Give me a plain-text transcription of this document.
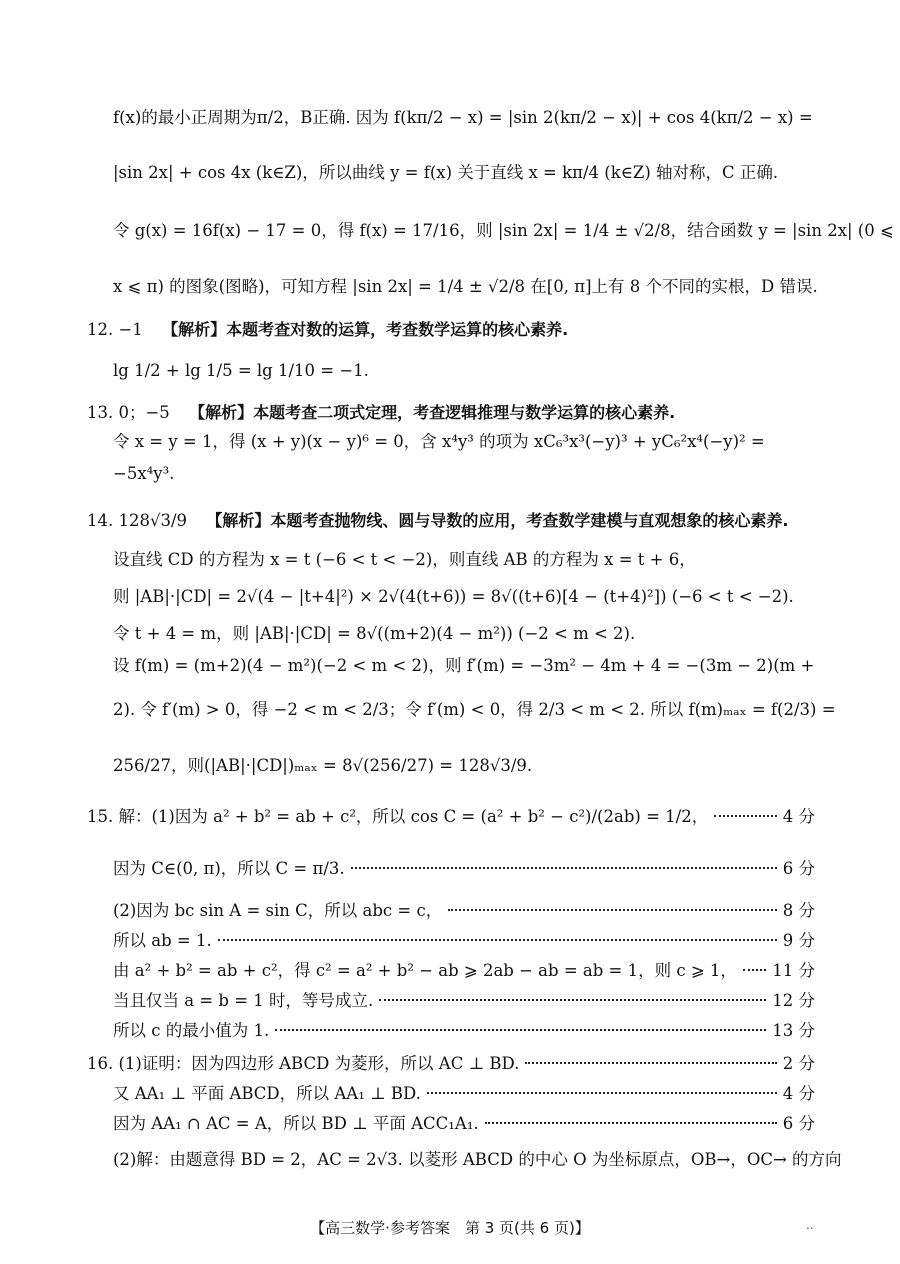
f(x)的最小正周期为π/2，B正确. 因为 f(kπ/2 − x) = |sin 2(kπ/2 − x)| + cos 4(kπ/2 − x) =
|sin 2x| + cos 4x (k∈Z)，所以曲线 y = f(x) 关于直线 x = kπ/4 (k∈Z) 轴对称，C 正确.
令 g(x) = 16f(x) − 17 = 0，得 f(x) = 17/16，则 |sin 2x| = 1/4 ± √2/8，结合函数 y = |sin 2x| (0 ⩽
x ⩽ π) 的图象(图略)，可知方程 |sin 2x| = 1/4 ± √2/8 在[0, π]上有 8 个不同的实根，D 错误.
12. −1 【解析】本题考查对数的运算，考查数学运算的核心素养.
lg 1/2 + lg 1/5 = lg 1/10 = −1.
13. 0；−5 【解析】本题考查二项式定理，考查逻辑推理与数学运算的核心素养.
令 x = y = 1，得 (x + y)(x − y)⁶ = 0，含 x⁴y³ 的项为 xC₆³x³(−y)³ + yC₆²x⁴(−y)² =
−5x⁴y³.
14. 128√3/9 【解析】本题考查抛物线、圆与导数的应用，考查数学建模与直观想象的核心素养.
设直线 CD 的方程为 x = t (−6 < t < −2)，则直线 AB 的方程为 x = t + 6，
则 |AB|·|CD| = 2√(4 − |t+4|²) × 2√(4(t+6)) = 8√((t+6)[4 − (t+4)²]) (−6 < t < −2).
令 t + 4 = m，则 |AB|·|CD| = 8√((m+2)(4 − m²)) (−2 < m < 2).
设 f(m) = (m+2)(4 − m²)(−2 < m < 2)，则 f′(m) = −3m² − 4m + 4 = −(3m − 2)(m +
2). 令 f′(m) > 0，得 −2 < m < 2/3；令 f′(m) < 0，得 2/3 < m < 2. 所以 f(m)ₘₐₓ = f(2/3) =
256/27，则(|AB|·|CD|)ₘₐₓ = 8√(256/27) = 128√3/9.
15. 解：(1)因为 a² + b² = ab + c²，所以 cos C = (a² + b² − c²)/(2ab) = 1/2，	4 分
因为 C∈(0, π)，所以 C = π/3.	6 分
(2)因为 bc sin A = sin C，所以 abc = c，	8 分
所以 ab = 1.	9 分
由 a² + b² = ab + c²，得 c² = a² + b² − ab ⩾ 2ab − ab = ab = 1，则 c ⩾ 1， 11 分
当且仅当 a = b = 1 时，等号成立.	12 分
所以 c 的最小值为 1.	13 分
16. (1)证明：因为四边形 ABCD 为菱形，所以 AC ⊥ BD.	2 分
又 AA₁ ⊥ 平面 ABCD，所以 AA₁ ⊥ BD.	4 分
因为 AA₁ ∩ AC = A，所以 BD ⊥ 平面 ACC₁A₁.	6 分
(2)解：由题意得 BD = 2，AC = 2√3. 以菱形 ABCD 的中心 O 为坐标原点，OB→，OC→ 的方向
【高三数学·参考答案　第 3 页(共 6 页)】	..
